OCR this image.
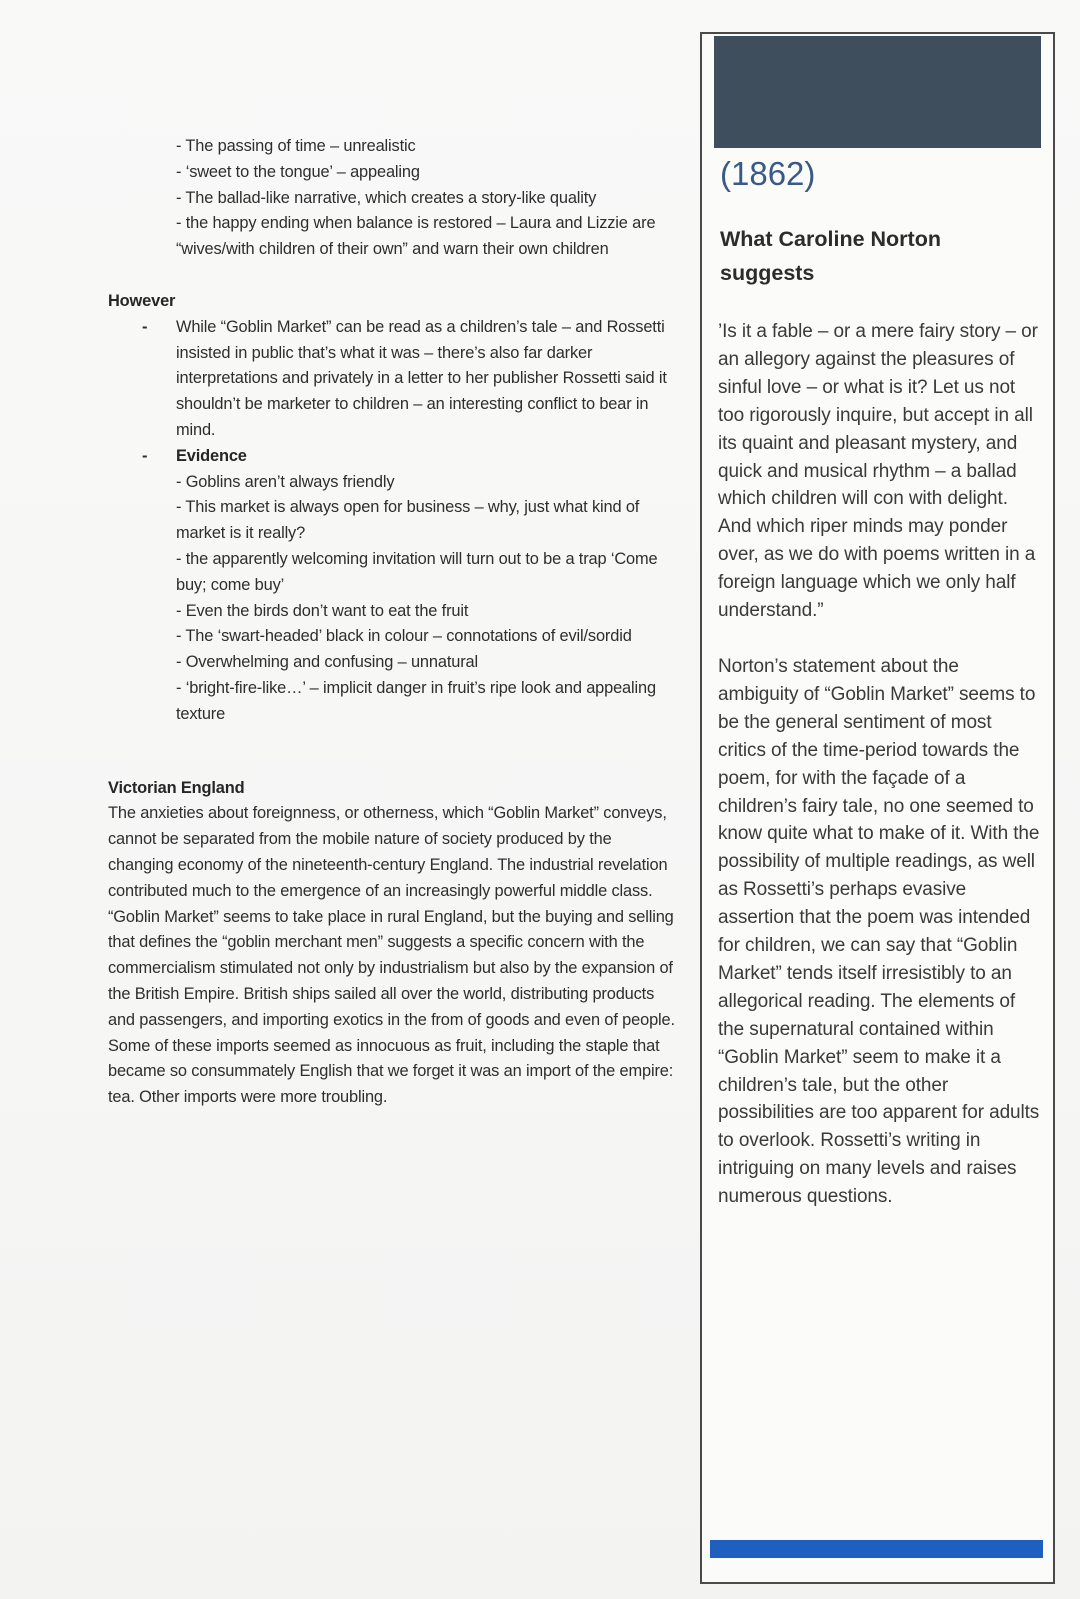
- The passing of time – unrealistic
- ‘sweet to the tongue’ – appealing
- The ballad-like narrative, which creates a story-like quality
- the happy ending when balance is restored – Laura and Lizzie are “wives/with children of their own” and warn their own children
However
- While “Goblin Market” can be read as a children’s tale – and Rossetti insisted in public that’s what it was – there’s also far darker interpretations and privately in a letter to her publisher Rossetti said it shouldn’t be marketer to children – an interesting conflict to bear in mind.
- Evidence
- Goblins aren’t always friendly
- This market is always open for business – why, just what kind of market is it really?
- the apparently welcoming invitation will turn out to be a trap ‘Come buy; come buy’
- Even the birds don’t want to eat the fruit
- The ‘swart-headed’ black in colour – connotations of evil/sordid
- Overwhelming and confusing – unnatural
- ‘bright-fire-like…’ – implicit danger in fruit’s ripe look and appealing texture
Victorian England
The anxieties about foreignness, or otherness, which “Goblin Market” conveys, cannot be separated from the mobile nature of society produced by the changing economy of the nineteenth-century England. The industrial revelation contributed much to the emergence of an increasingly powerful middle class. “Goblin Market” seems to take place in rural England, but the buying and selling that defines the “goblin merchant men” suggests a specific concern with the commercialism stimulated not only by industrialism but also by the expansion of the British Empire. British ships sailed all over the world, distributing products and passengers, and importing exotics in the from of goods and even of people. Some of these imports seemed as innocuous as fruit, including the staple that became so consummately English that we forget it was an import of the empire: tea. Other imports were more troubling.
(1862)
What Caroline Norton suggests
’Is it a fable – or a mere fairy story – or an allegory against the pleasures of sinful love – or what is it? Let us not too rigorously inquire, but accept in all its quaint and pleasant mystery, and quick and musical rhythm – a ballad which children will con with delight. And which riper minds may ponder over, as we do with poems written in a foreign language which we only half understand.”
Norton’s statement about the ambiguity of “Goblin Market” seems to be the general sentiment of most critics of the time-period towards the poem, for with the façade of a children’s fairy tale, no one seemed to know quite what to make of it. With the possibility of multiple readings, as well as Rossetti’s perhaps evasive assertion that the poem was intended for children, we can say that “Goblin Market” tends itself irresistibly to an allegorical reading. The elements of the supernatural contained within “Goblin Market” seem to make it a children’s tale, but the other possibilities are too apparent for adults to overlook. Rossetti’s writing in intriguing on many levels and raises numerous questions.
